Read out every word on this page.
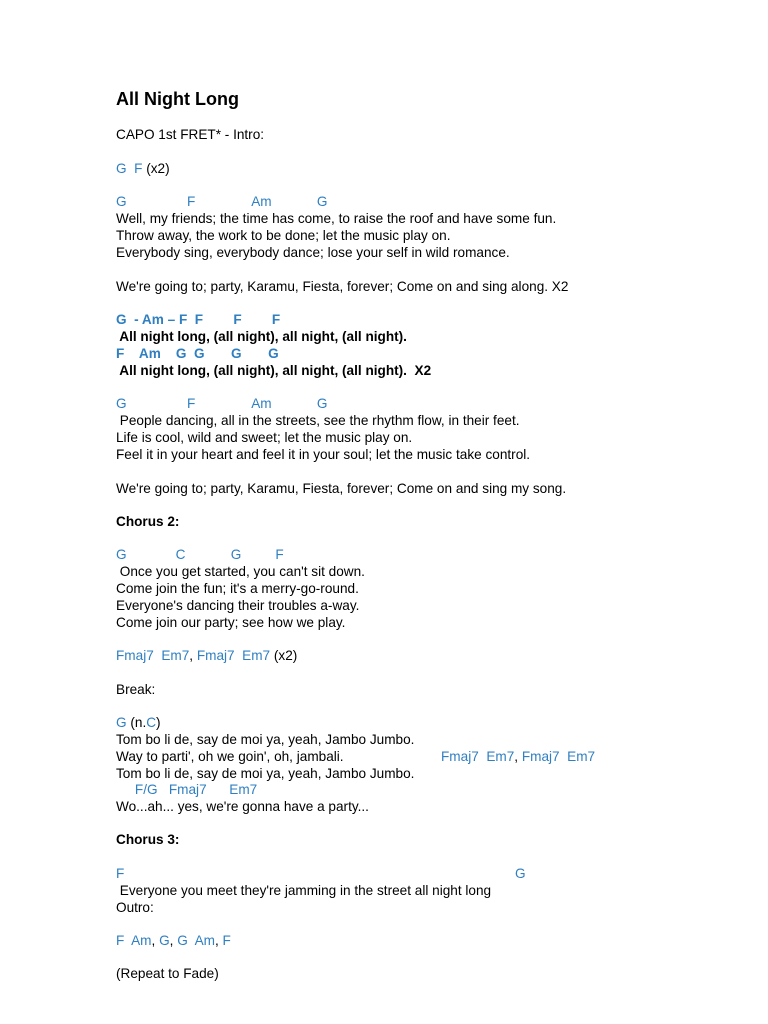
All Night Long
CAPO 1st FRET* - Intro:
G  F (x2)
G                F               Am            G
Well, my friends; the time has come, to raise the roof and have some fun.
Throw away, the work to be done; let the music play on.
Everybody sing, everybody dance; lose your self in wild romance.
We're going to; party, Karamu, Fiesta, forever; Come on and sing along. X2
G  - Am – F  F        F        F
All night long, (all night), all night, (all night).
F    Am    G  G       G       G
All night long, (all night), all night, (all night).  X2
G                F               Am            G
People dancing, all in the streets, see the rhythm flow, in their feet.
Life is cool, wild and sweet; let the music play on.
Feel it in your heart and feel it in your soul; let the music take control.
We're going to; party, Karamu, Fiesta, forever; Come on and sing my song.
Chorus 2:
G             C            G         F
Once you get started, you can't sit down.
Come join the fun; it's a merry-go-round.
Everyone's dancing their troubles a-way.
Come join our party; see how we play.
Fmaj7  Em7, Fmaj7  Em7 (x2)
Break:
G (n.C)
Tom bo li de, say de moi ya, yeah, Jambo Jumbo.
Way to parti', oh we goin', oh, jambali.	Fmaj7  Em7, Fmaj7  Em7
Tom bo li de, say de moi ya, yeah, Jambo Jumbo.
F/G   Fmaj7      Em7
Wo...ah... yes, we're gonna have a party...
Chorus 3:
F	G
Everyone you meet they're jamming in the street all night long
Outro:
F  Am, G, G  Am, F
(Repeat to Fade)
